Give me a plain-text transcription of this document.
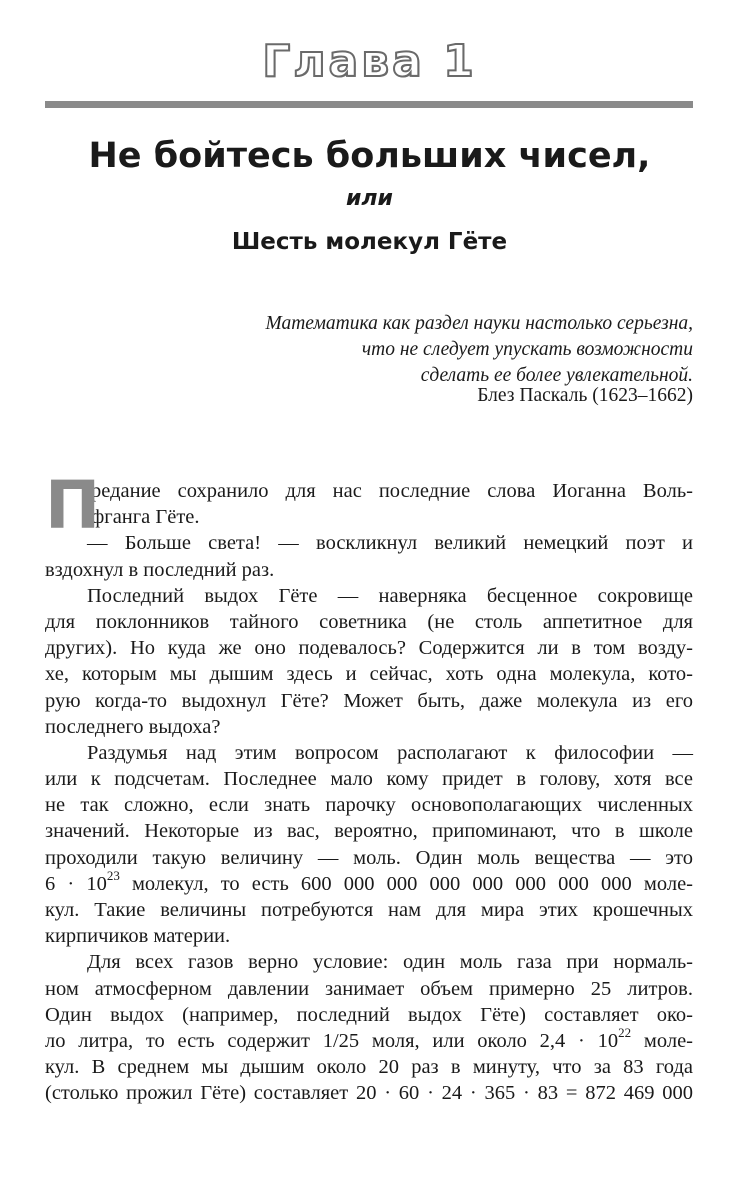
Глава 1
Не бойтесь больших чисел,
или
Шесть молекул Гёте
Математика как раздел науки настолько серьезна,
что не следует упускать возможности
сделать ее более увлекательной.
Блез Паскаль (1623–1662)
П
редание сохранило для нас последние слова Иоганна Воль-
фганга Гёте.
— Больше света! — воскликнул великий немецкий поэт и
вздохнул в последний раз.
Последний выдох Гёте — наверняка бесценное сокровище
для поклонников тайного советника (не столь аппетитное для
других). Но куда же оно подевалось? Содержится ли в том возду-
хе, которым мы дышим здесь и сейчас, хоть одна молекула, кото-
рую когда-то выдохнул Гёте? Может быть, даже молекула из его
последнего выдоха?
Раздумья над этим вопросом располагают к философии —
или к подсчетам. Последнее мало кому придет в голову, хотя все
не так сложно, если знать парочку основополагающих численных
значений. Некоторые из вас, вероятно, припоминают, что в школе
проходили такую величину — моль. Один моль вещества — это
$6 \cdot 10^{23}$ молекул, то есть 600 000 000 000 000 000 000 000 моле-
кул. Такие величины потребуются нам для мира этих крошечных
кирпичиков материи.
Для всех газов верно условие: один моль газа при нормаль-
ном атмосферном давлении занимает объем примерно 25 литров.
Один выдох (например, последний выдох Гёте) составляет око-
ло литра, то есть содержит 1/25 моля, или около $2,4 \cdot 10^{22}$ моле-
кул. В среднем мы дышим около 20 раз в минуту, что за 83 года
(столько прожил Гёте) составляет 20 · 60 · 24 · 365 · 83 = 872 469 000
